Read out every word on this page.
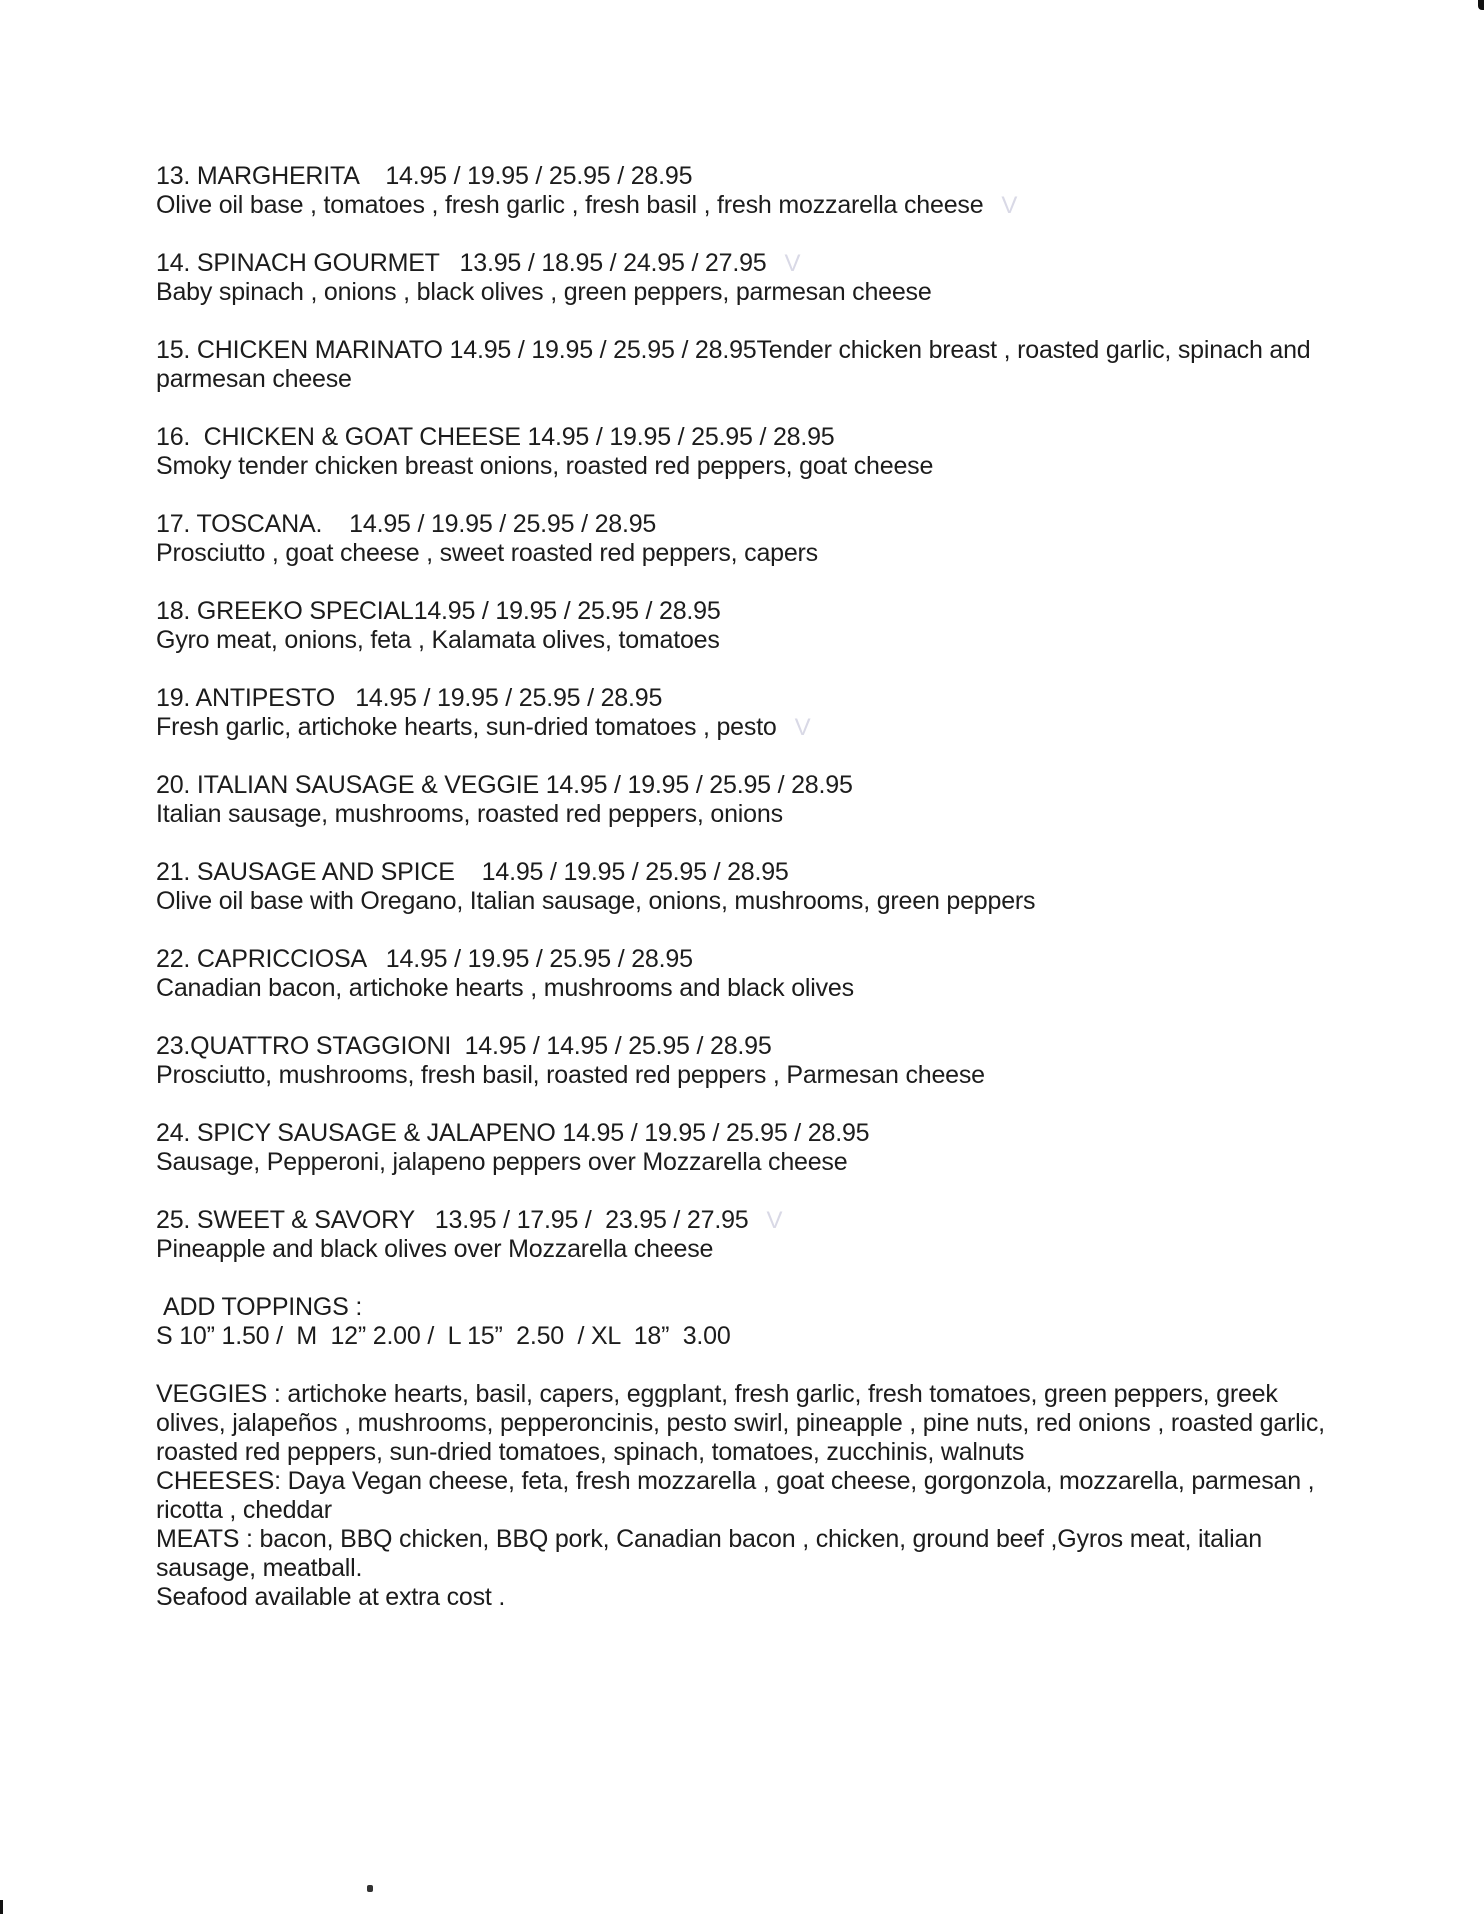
13. MARGHERITA    14.95 / 19.95 / 25.95 / 28.95
Olive oil base , tomatoes , fresh garlic , fresh basil , fresh mozzarella cheese V
14. SPINACH GOURMET   13.95 / 18.95 / 24.95 / 27.95 V
Baby spinach , onions , black olives , green peppers, parmesan cheese
15. CHICKEN MARINATO 14.95 / 19.95 / 25.95 / 28.95Tender chicken breast , roasted garlic, spinach and parmesan cheese
16.  CHICKEN & GOAT CHEESE 14.95 / 19.95 / 25.95 / 28.95
Smoky tender chicken breast onions, roasted red peppers, goat cheese
17. TOSCANA.    14.95 / 19.95 / 25.95 / 28.95
Prosciutto , goat cheese , sweet roasted red peppers, capers
18. GREEKO SPECIAL14.95 / 19.95 / 25.95 / 28.95
Gyro meat, onions, feta , Kalamata olives, tomatoes
19. ANTIPESTO   14.95 / 19.95 / 25.95 / 28.95
Fresh garlic, artichoke hearts, sun-dried tomatoes , pesto V
20. ITALIAN SAUSAGE & VEGGIE 14.95 / 19.95 / 25.95 / 28.95
Italian sausage, mushrooms, roasted red peppers, onions
21. SAUSAGE AND SPICE    14.95 / 19.95 / 25.95 / 28.95
Olive oil base with Oregano, Italian sausage, onions, mushrooms, green peppers
22. CAPRICCIOSA   14.95 / 19.95 / 25.95 / 28.95
Canadian bacon, artichoke hearts , mushrooms and black olives
23.QUATTRO STAGGIONI  14.95 / 14.95 / 25.95 / 28.95
Prosciutto, mushrooms, fresh basil, roasted red peppers , Parmesan cheese
24. SPICY SAUSAGE & JALAPENO 14.95 / 19.95 / 25.95 / 28.95
Sausage, Pepperoni, jalapeno peppers over Mozzarella cheese
25. SWEET & SAVORY   13.95 / 17.95 /  23.95 / 27.95 V
Pineapple and black olives over Mozzarella cheese
ADD TOPPINGS :
S 10” 1.50 /  M  12” 2.00 /  L 15”  2.50  / XL  18”  3.00

VEGGIES : artichoke hearts, basil, capers, eggplant, fresh garlic, fresh tomatoes, green peppers, greek olives, jalapeños , mushrooms, pepperoncinis, pesto swirl, pineapple , pine nuts, red onions , roasted garlic, roasted red peppers, sun-dried tomatoes, spinach, tomatoes, zucchinis, walnuts

CHEESES: Daya Vegan cheese, feta, fresh mozzarella , goat cheese, gorgonzola, mozzarella, parmesan , ricotta , cheddar

MEATS : bacon, BBQ chicken, BBQ pork, Canadian bacon , chicken, ground beef ,Gyros meat, italian sausage, meatball.

Seafood available at extra cost .
